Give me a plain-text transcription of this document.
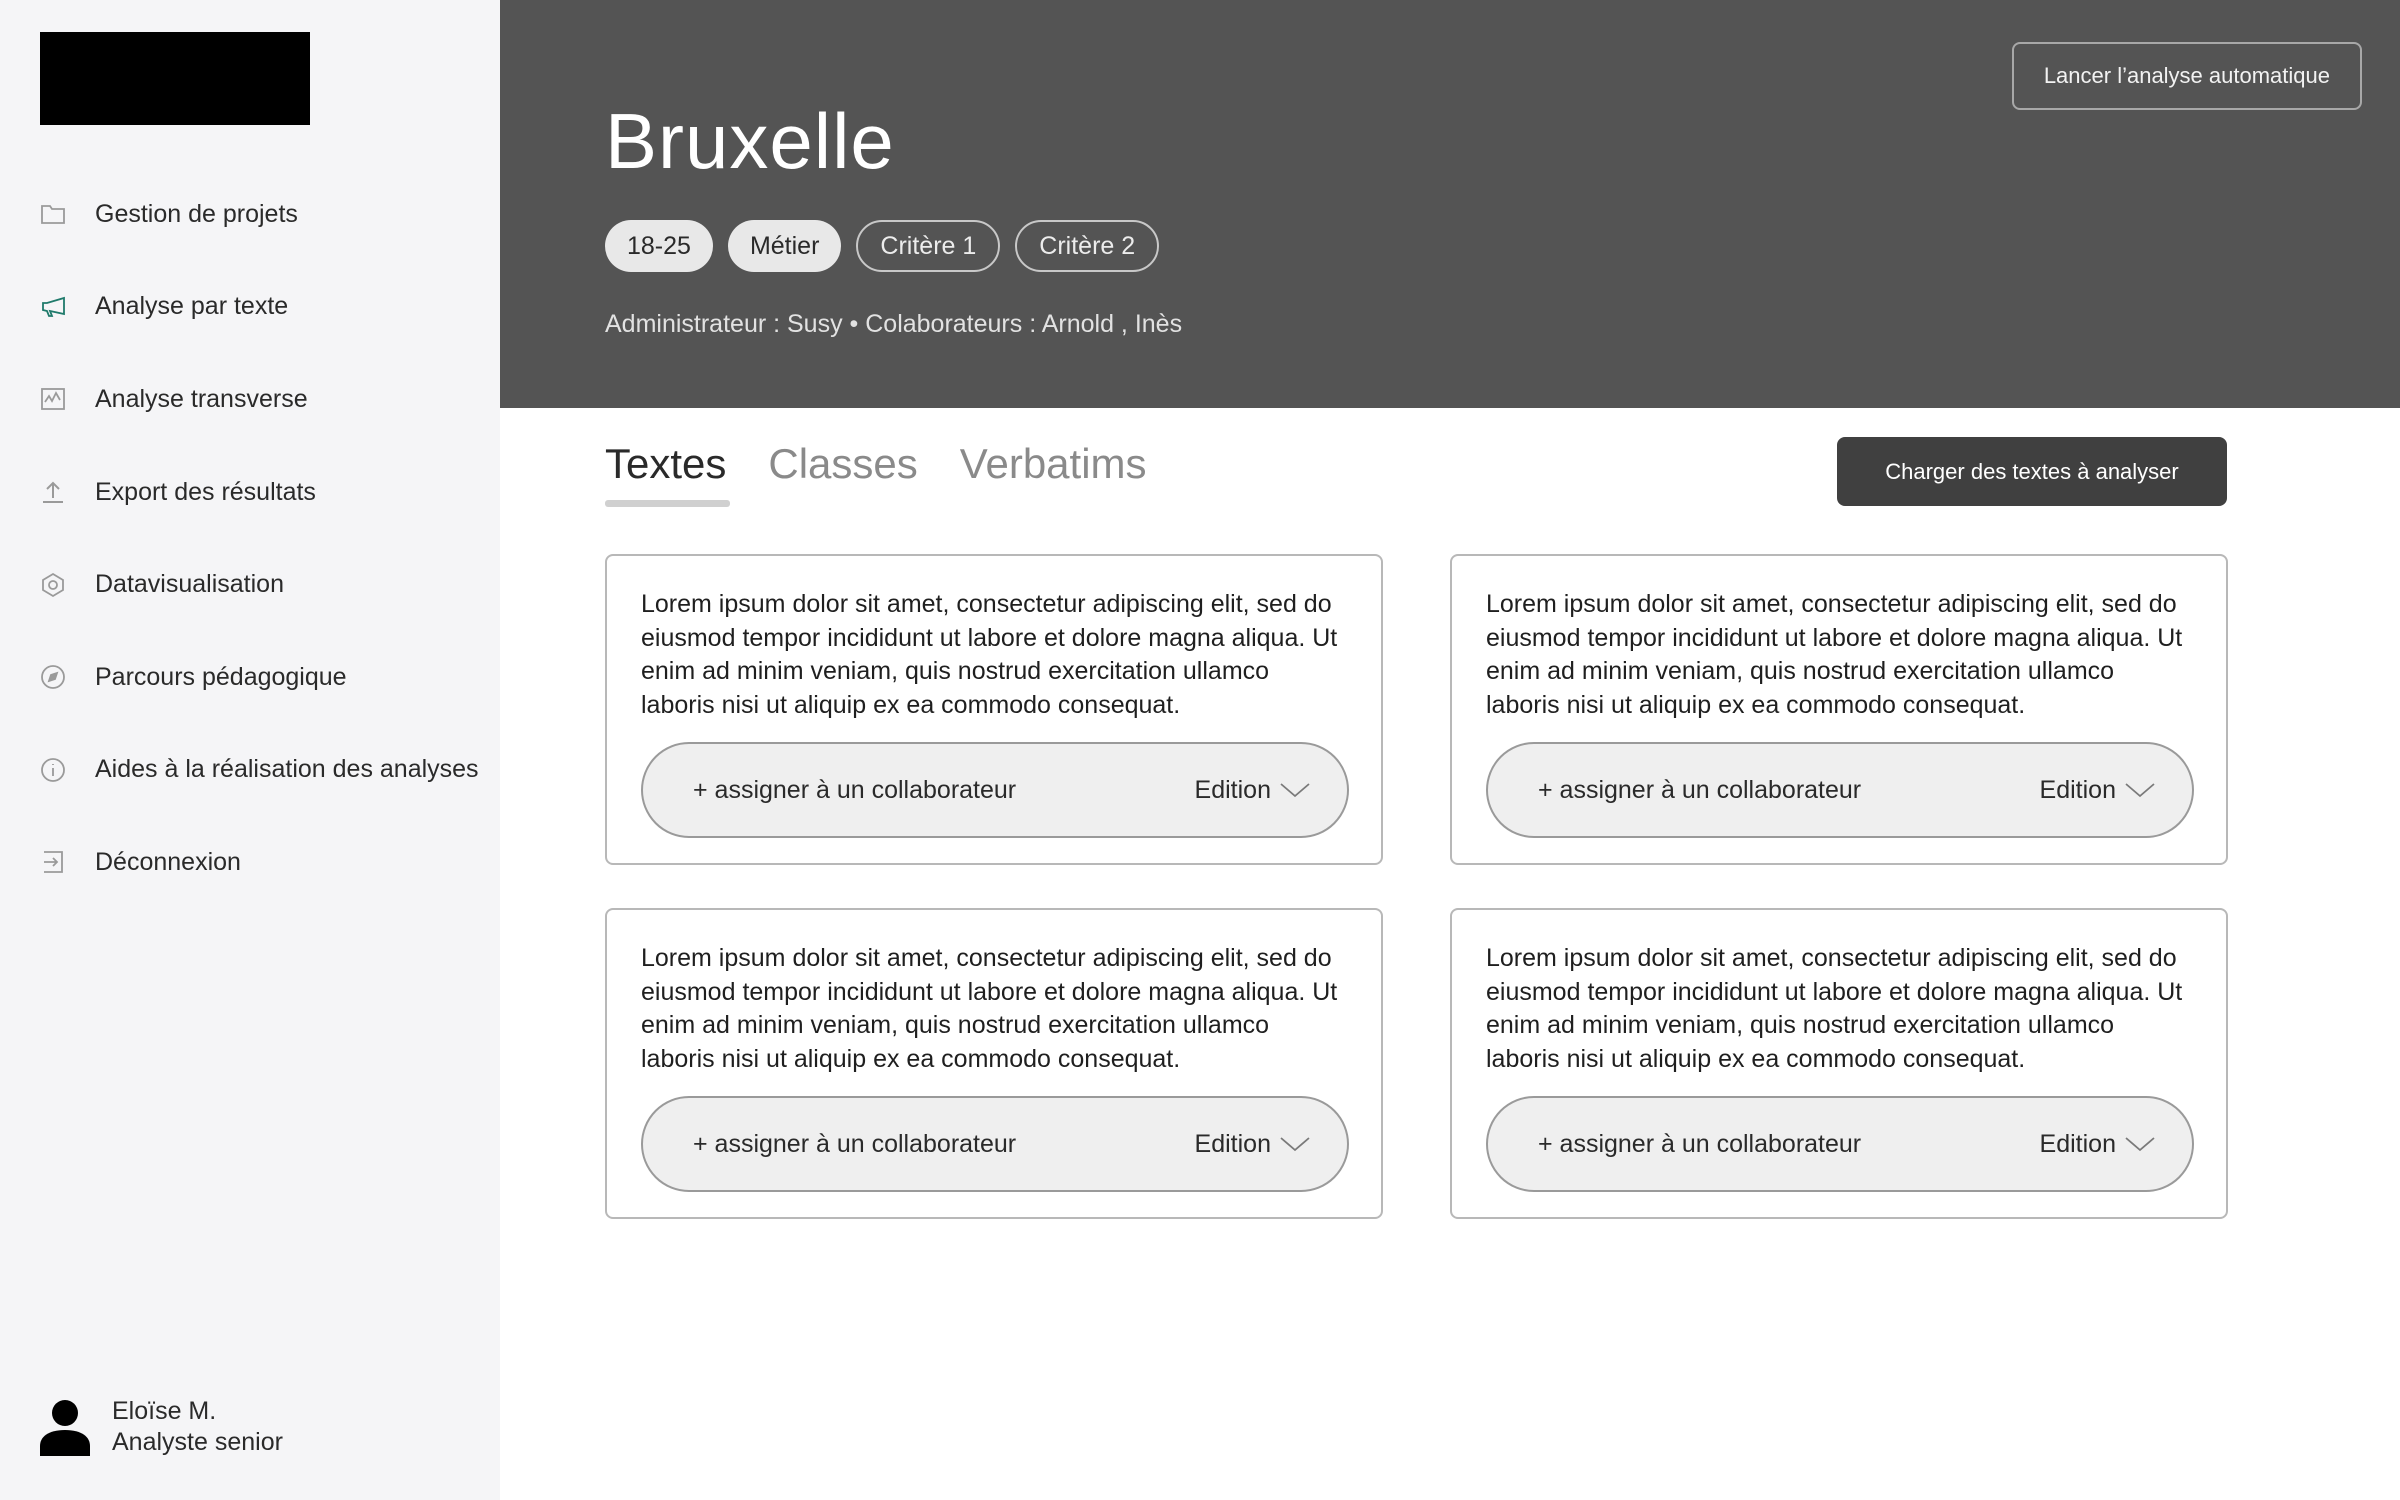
Gestion de projets
Analyse par texte
Analyse transverse
Export des résultats
Datavisualisation
Parcours pédagogique
Aides à la réalisation des analyses
Déconnexion
Eloïse M.
Analyste senior
Lancer l’analyse automatique
Bruxelle
18-25	Métier	Critère 1	Critère 2
Administrateur : Susy • Colaborateurs : Arnold , Inès
Textes Classes Verbatims	Charger des textes à analyser

Lorem ipsum dolor sit amet, consectetur adipiscing elit, sed do eiusmod tempor incididunt ut labore et dolore magna aliqua. Ut enim ad minim veniam, quis nostrud exercitation ullamco laboris nisi ut aliquip ex ea commodo consequat.

+ assigner à un collaborateur	Edition

Lorem ipsum dolor sit amet, consectetur adipiscing elit, sed do eiusmod tempor incididunt ut labore et dolore magna aliqua. Ut enim ad minim veniam, quis nostrud exercitation ullamco laboris nisi ut aliquip ex ea commodo consequat.

+ assigner à un collaborateur	Edition

Lorem ipsum dolor sit amet, consectetur adipiscing elit, sed do eiusmod tempor incididunt ut labore et dolore magna aliqua. Ut enim ad minim veniam, quis nostrud exercitation ullamco laboris nisi ut aliquip ex ea commodo consequat.

+ assigner à un collaborateur	Edition

Lorem ipsum dolor sit amet, consectetur adipiscing elit, sed do eiusmod tempor incididunt ut labore et dolore magna aliqua. Ut enim ad minim veniam, quis nostrud exercitation ullamco laboris nisi ut aliquip ex ea commodo consequat.

+ assigner à un collaborateur	Edition
